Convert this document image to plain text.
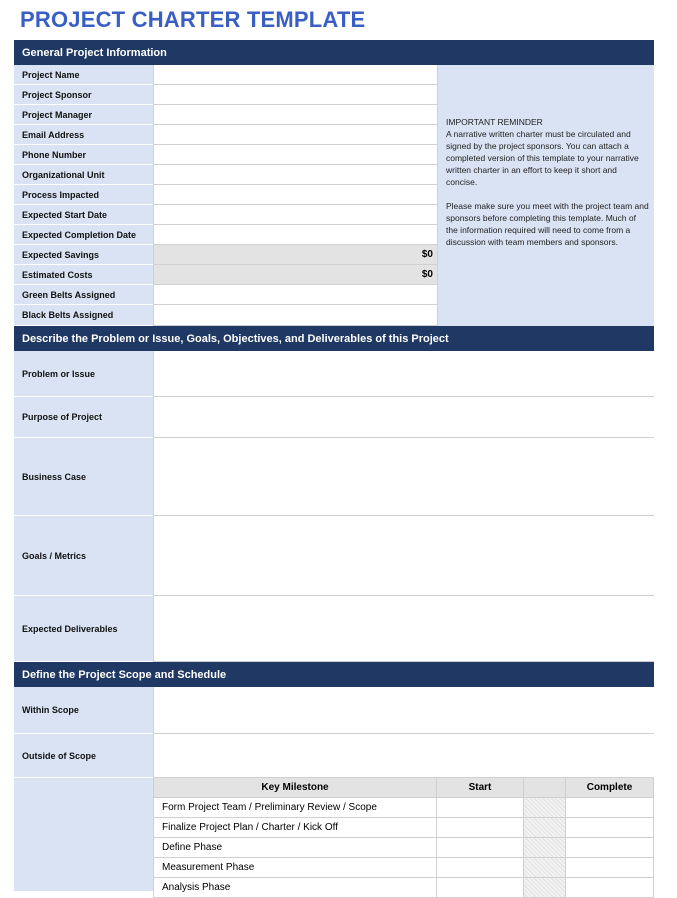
PROJECT CHARTER TEMPLATE
General Project Information
Project Name
Project Sponsor
Project Manager
Email Address
Phone Number
Organizational Unit
Process Impacted
Expected Start Date
Expected Completion Date
Expected Savings	$0
Estimated Costs	$0
Green Belts Assigned
Black Belts Assigned
IMPORTANT REMINDER

A narrative written charter must be circulated and signed by the project sponsors. You can attach a completed version of this template to your narrative written charter in an effort to keep it short and concise.

Please make sure you meet with the project team and sponsors before completing this template. Much of the information required will need to come from a discussion with team members and sponsors.

Describe the Problem or Issue, Goals, Objectives, and Deliverables of this Project
Problem or Issue
Purpose of Project
Business Case
Goals / Metrics
Expected Deliverables
Define the Project Scope and Schedule
Within Scope
Outside of Scope
Key Milestone	Start	Complete
Form Project Team / Preliminary Review / Scope
Finalize Project Plan / Charter / Kick Off
Define Phase
Measurement Phase
Analysis Phase
